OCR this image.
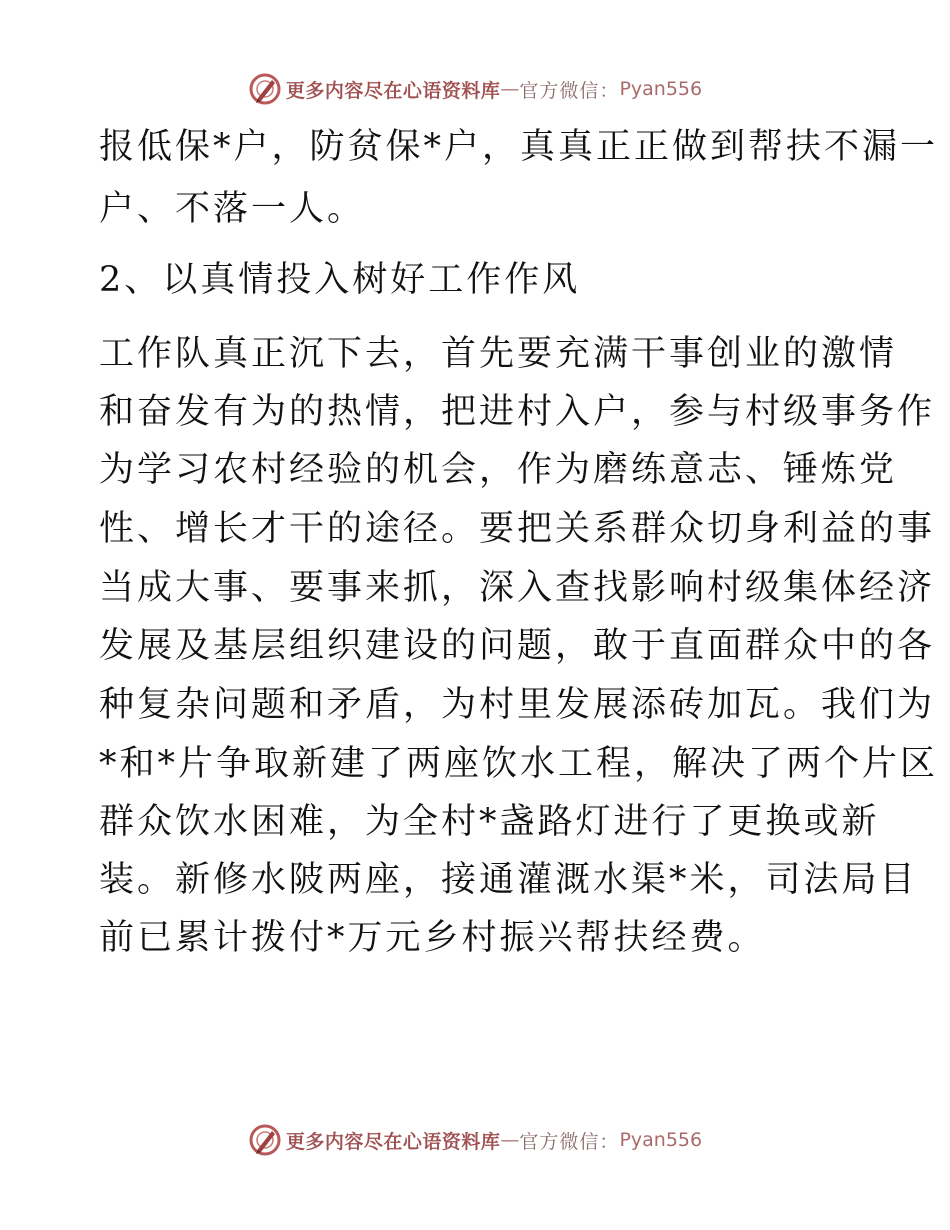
更多内容尽在心语资料库 — 官方微信： Pyan556
报低保*户，防贫保*户，真真正正做到帮扶不漏一
户、不落一人。
2、以真情投入树好工作作风
工作队真正沉下去，首先要充满干事创业的激情
和奋发有为的热情，把进村入户，参与村级事务作
为学习农村经验的机会，作为磨练意志、锤炼党
性、增长才干的途径。要把关系群众切身利益的事
当成大事、要事来抓，深入查找影响村级集体经济
发展及基层组织建设的问题，敢于直面群众中的各
种复杂问题和矛盾，为村里发展添砖加瓦。我们为
*和*片争取新建了两座饮水工程，解决了两个片区
群众饮水困难，为全村*盏路灯进行了更换或新
装。新修水陂两座，接通灌溉水渠*米，司法局目
前已累计拨付*万元乡村振兴帮扶经费。
更多内容尽在心语资料库 — 官方微信： Pyan556
